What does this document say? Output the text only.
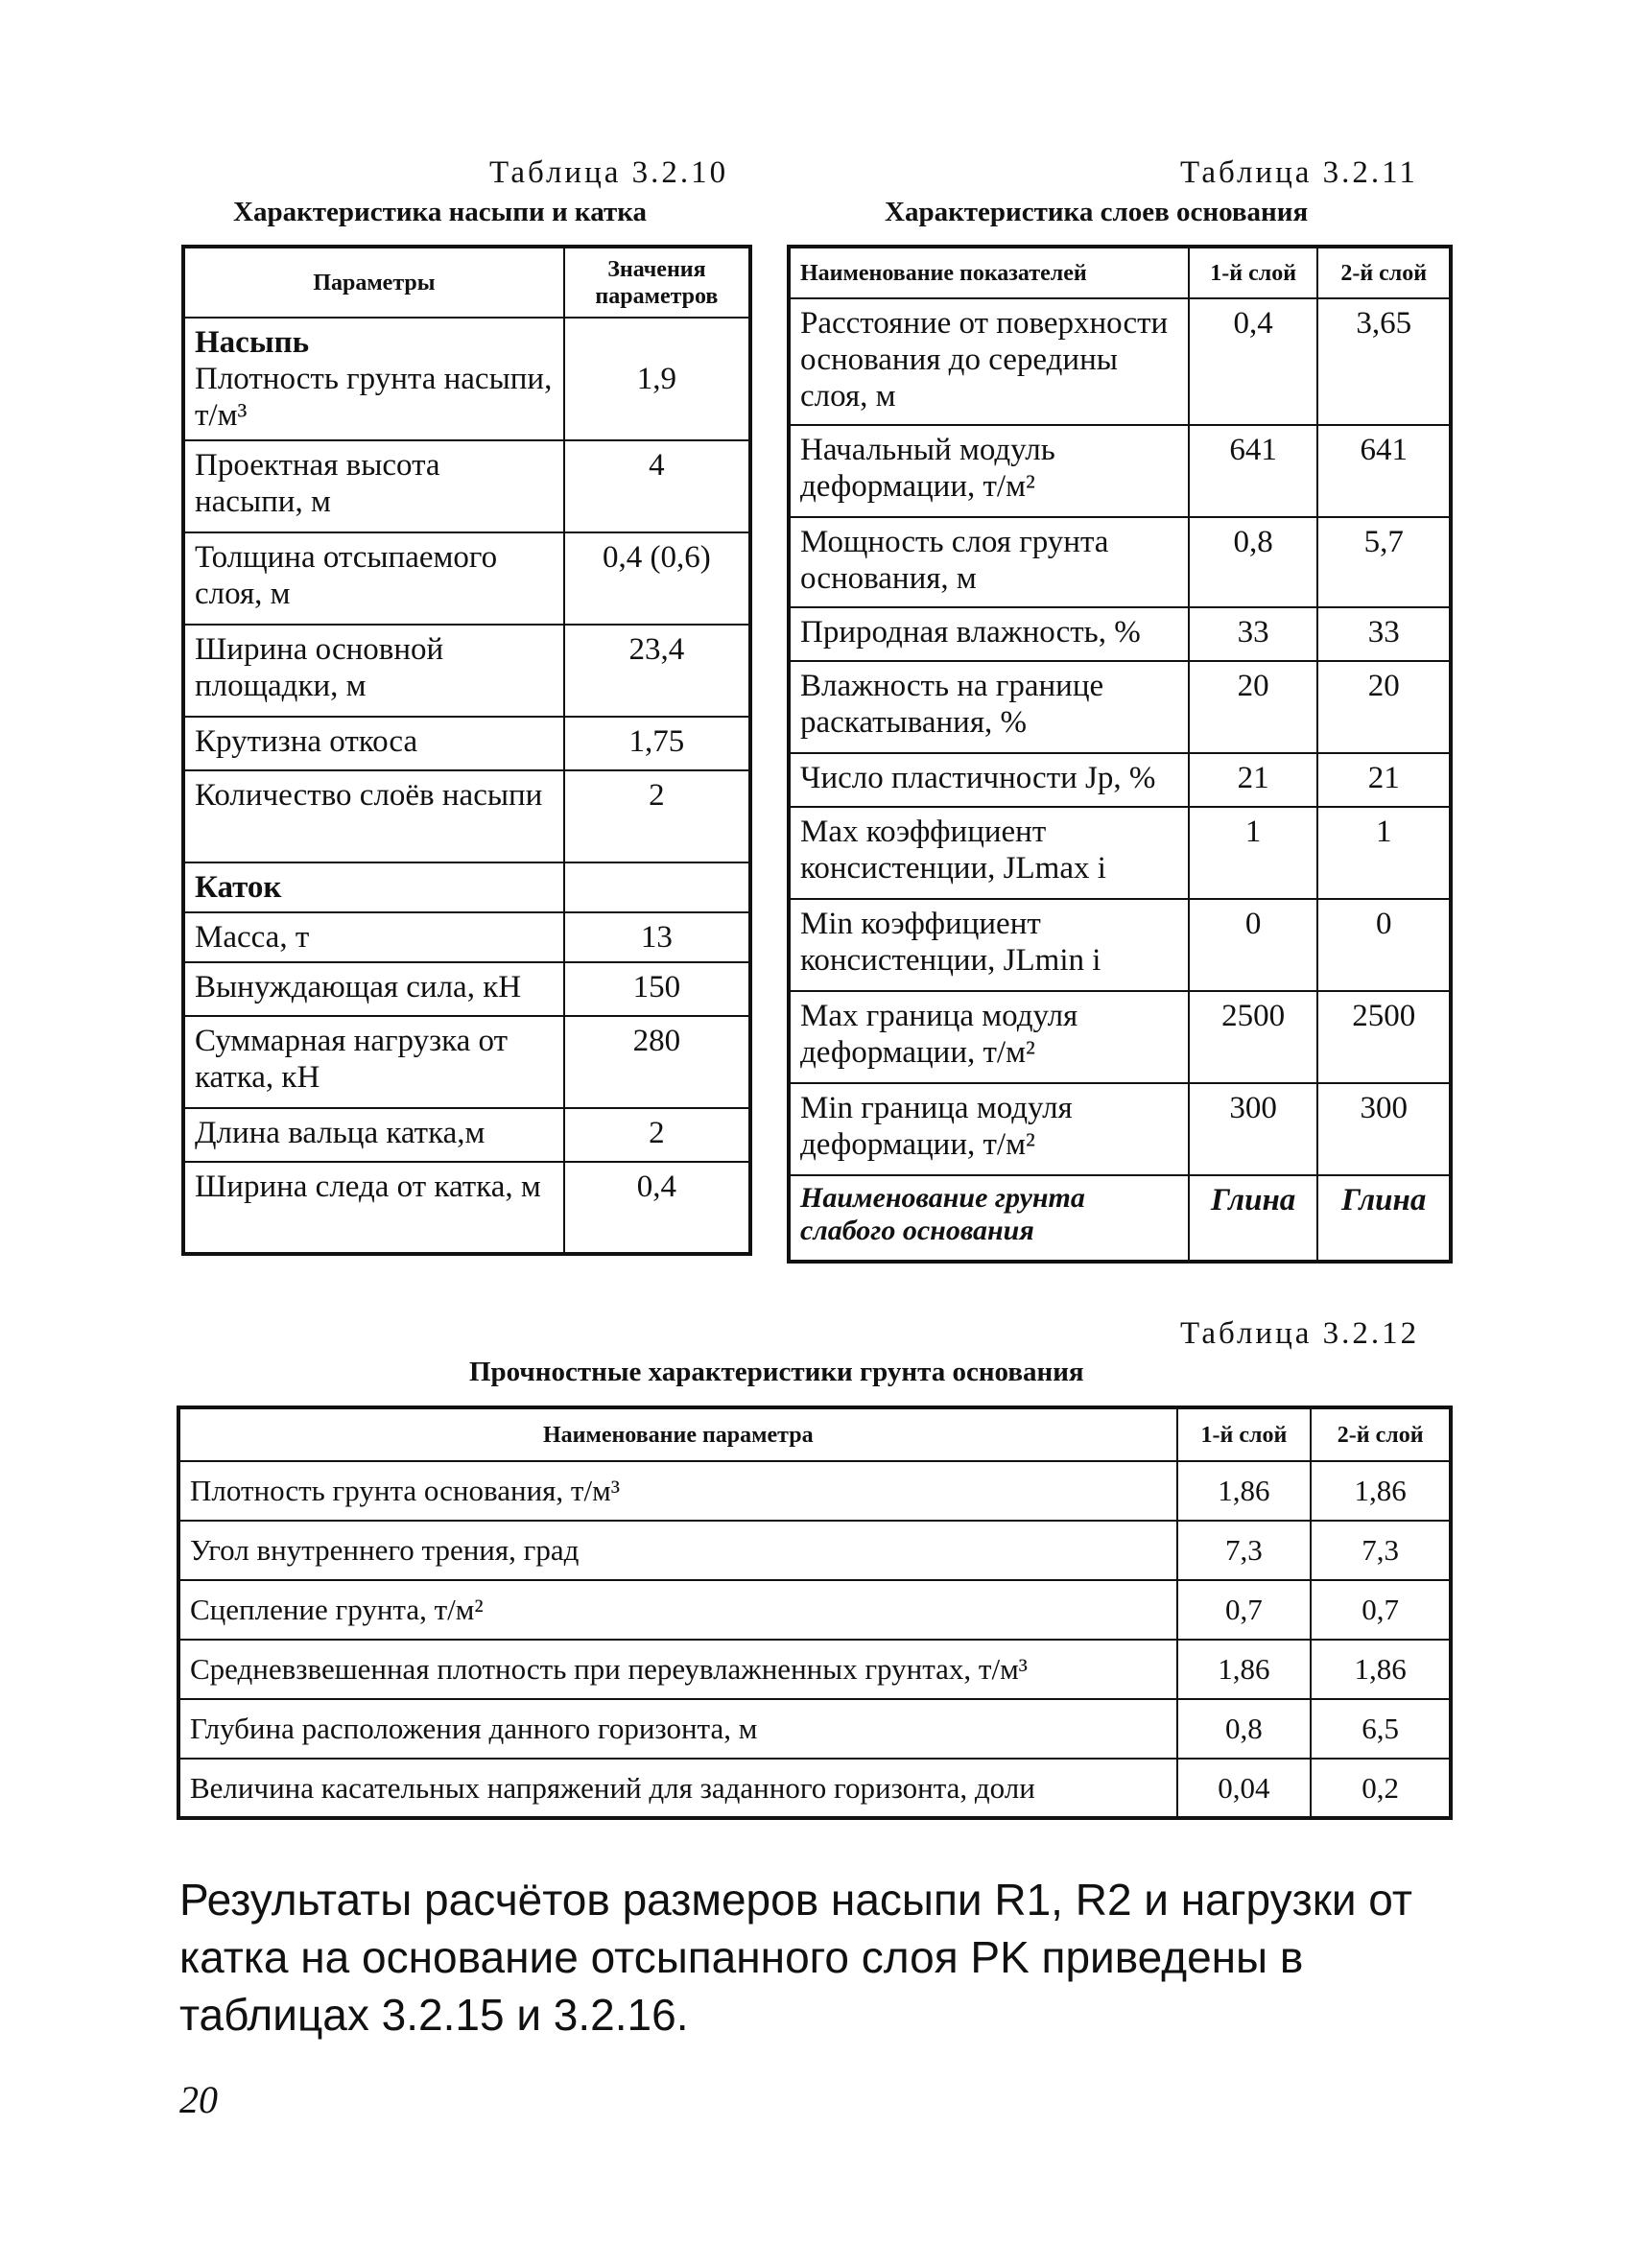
Таблица 3.2.10
Характеристика насыпи и катка
Параметры	Значения параметров

Насыпь
Плотность грунта насыпи, т/м³	1,9
Проектная высота насыпи, м	4
Толщина отсыпаемого слоя, м	0,4 (0,6)
Ширина основной площадки, м	23,4
Крутизна откоса	1,75
Количество слоёв насыпи	2
Каток	
Масса, т	13
Вынуждающая сила, кН	150
Суммарная нагрузка от катка, кН	280
Длина вальца катка,м	2
Ширина следа от катка, м	0,4
Таблица 3.2.11
Характеристика слоев основания
Наименование показателей	1-й слой	2-й слой
Расстояние от поверхности основания до середины слоя, м	0,4	3,65
Начальный модуль деформации, т/м²	641	641
Мощность слоя грунта основания, м	0,8	5,7
Природная влажность, %	33	33
Влажность на границе раскатывания, %	20	20
Число пластичности Jp, %	21	21
Max коэффициент консистенции, JLmax i	1	1
Min коэффициент консистенции, JLmin i	0	0
Max граница модуля деформации, т/м²	2500	2500
Min граница модуля деформации, т/м²	300	300
Наименование грунта слабого основания	Глина	Глина
Таблица 3.2.12
Прочностные характеристики грунта основания
Наименование параметра	1-й слой	2-й слой
Плотность грунта основания, т/м³	1,86	1,86
Угол внутреннего трения, град	7,3	7,3
Сцепление грунта, т/м²	0,7	0,7
Средневзвешенная плотность при переувлажненных грунтах, т/м³	1,86	1,86
Глубина расположения данного горизонта, м	0,8	6,5
Величина касательных напряжений для заданного горизонта, доли	0,04	0,2
Результаты расчётов размеров насыпи R1, R2 и нагрузки от катка на основание отсыпанного слоя PK приведены в таблицах 3.2.15 и 3.2.16.
20
